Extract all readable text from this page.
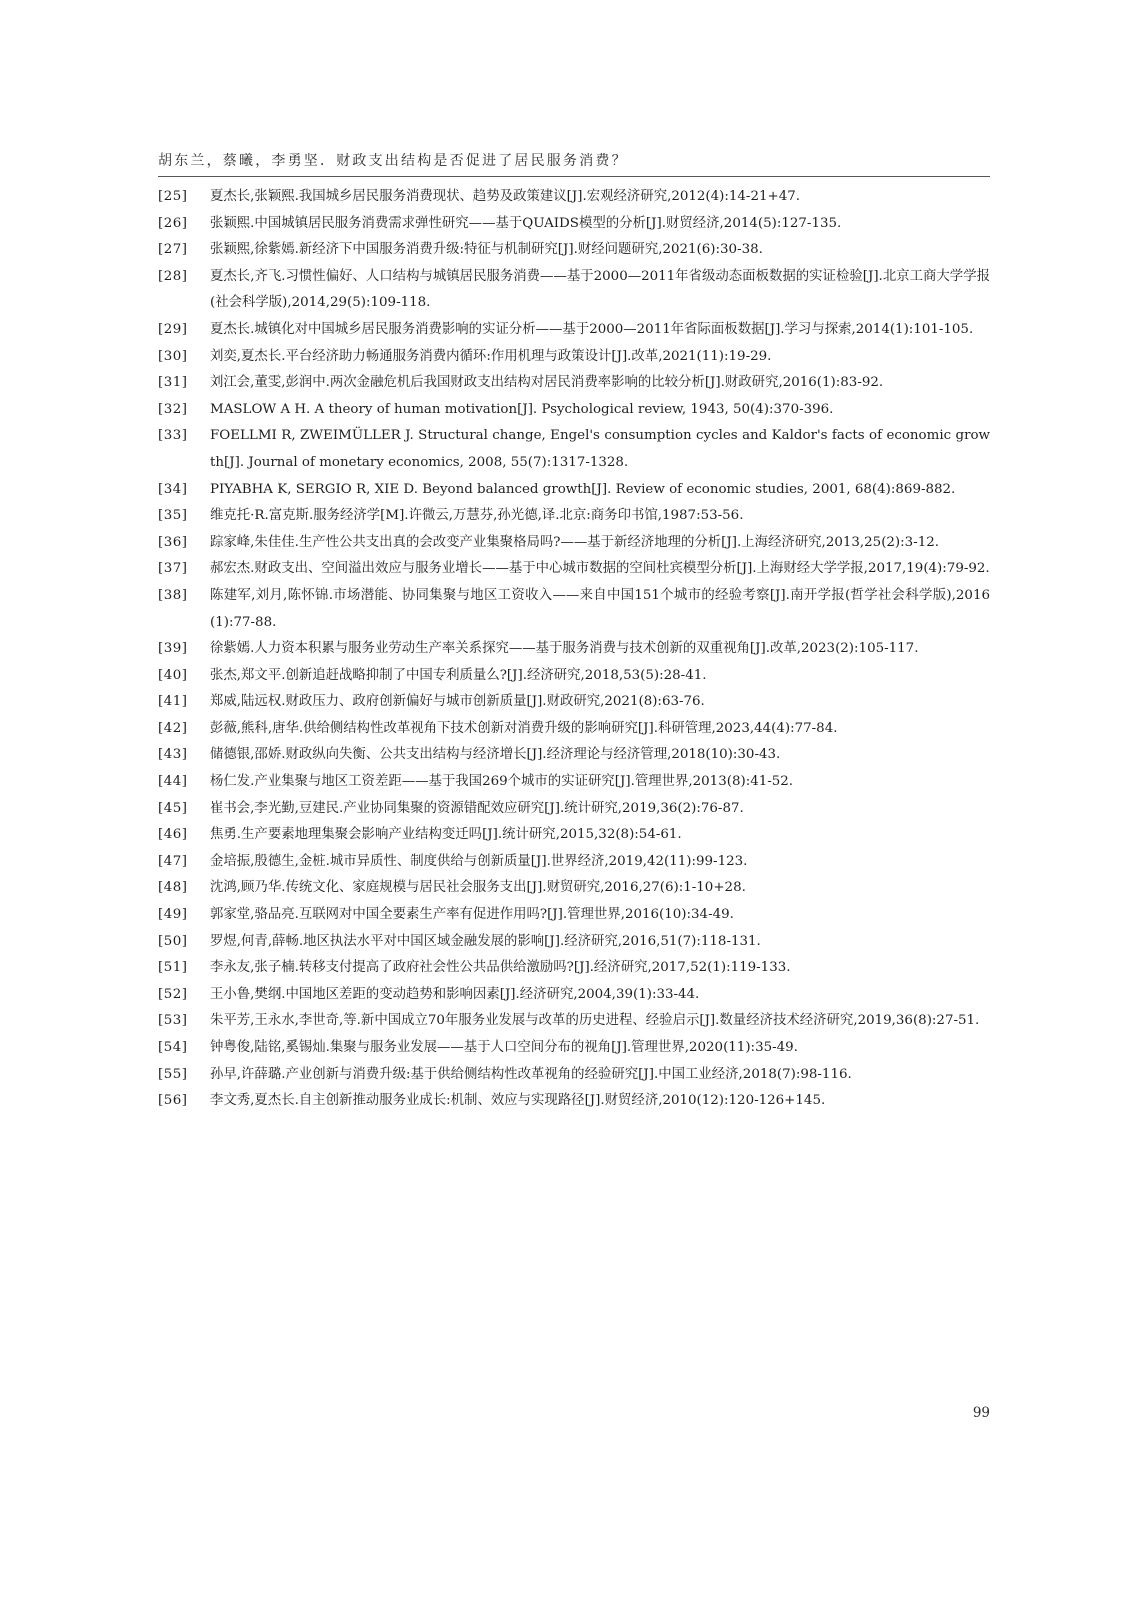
胡东兰，蔡曦，李勇坚．财政支出结构是否促进了居民服务消费？
[25]	夏杰长,张颖熙.我国城乡居民服务消费现状、趋势及政策建议[J].宏观经济研究,2012(4):14-21+47.
[26]	张颖熙.中国城镇居民服务消费需求弹性研究——基于QUAIDS模型的分析[J].财贸经济,2014(5):127-135.
[27]	张颖熙,徐紫嫣.新经济下中国服务消费升级:特征与机制研究[J].财经问题研究,2021(6):30-38.
[28]	夏杰长,齐飞.习惯性偏好、人口结构与城镇居民服务消费——基于2000—2011年省级动态面板数据的实证检验[J].北京工商大学学报(社会科学版),2014,29(5):109-118.
[29]	夏杰长.城镇化对中国城乡居民服务消费影响的实证分析——基于2000—2011年省际面板数据[J].学习与探索,2014(1):101-105.
[30]	刘奕,夏杰长.平台经济助力畅通服务消费内循环:作用机理与政策设计[J].改革,2021(11):19-29.
[31]	刘江会,董雯,彭润中.两次金融危机后我国财政支出结构对居民消费率影响的比较分析[J].财政研究,2016(1):83-92.
[32]	MASLOW A H. A theory of human motivation[J]. Psychological review, 1943, 50(4):370-396.
[33]	FOELLMI R, ZWEIMÜLLER J. Structural change, Engel's consumption cycles and Kaldor's facts of economic growth[J]. Journal of monetary economics, 2008, 55(7):1317-1328.
[34]	PIYABHA K, SERGIO R, XIE D. Beyond balanced growth[J]. Review of economic studies, 2001, 68(4):869-882.
[35]	维克托·R.富克斯.服务经济学[M].许微云,万慧芬,孙光德,译.北京:商务印书馆,1987:53-56.
[36]	踪家峰,朱佳佳.生产性公共支出真的会改变产业集聚格局吗?——基于新经济地理的分析[J].上海经济研究,2013,25(2):3-12.
[37]	郝宏杰.财政支出、空间溢出效应与服务业增长——基于中心城市数据的空间杜宾模型分析[J].上海财经大学学报,2017,19(4):79-92.
[38]	陈建军,刘月,陈怀锦.市场潜能、协同集聚与地区工资收入——来自中国151个城市的经验考察[J].南开学报(哲学社会科学版),2016(1):77-88.
[39]	徐紫嫣.人力资本积累与服务业劳动生产率关系探究——基于服务消费与技术创新的双重视角[J].改革,2023(2):105-117.
[40]	张杰,郑文平.创新追赶战略抑制了中国专利质量么?[J].经济研究,2018,53(5):28-41.
[41]	郑威,陆远权.财政压力、政府创新偏好与城市创新质量[J].财政研究,2021(8):63-76.
[42]	彭薇,熊科,唐华.供给侧结构性改革视角下技术创新对消费升级的影响研究[J].科研管理,2023,44(4):77-84.
[43]	储德银,邵娇.财政纵向失衡、公共支出结构与经济增长[J].经济理论与经济管理,2018(10):30-43.
[44]	杨仁发.产业集聚与地区工资差距——基于我国269个城市的实证研究[J].管理世界,2013(8):41-52.
[45]	崔书会,李光勤,豆建民.产业协同集聚的资源错配效应研究[J].统计研究,2019,36(2):76-87.
[46]	焦勇.生产要素地理集聚会影响产业结构变迁吗[J].统计研究,2015,32(8):54-61.
[47]	金培振,殷德生,金桩.城市异质性、制度供给与创新质量[J].世界经济,2019,42(11):99-123.
[48]	沈鸿,顾乃华.传统文化、家庭规模与居民社会服务支出[J].财贸研究,2016,27(6):1-10+28.
[49]	郭家堂,骆品亮.互联网对中国全要素生产率有促进作用吗?[J].管理世界,2016(10):34-49.
[50]	罗煜,何青,薛畅.地区执法水平对中国区域金融发展的影响[J].经济研究,2016,51(7):118-131.
[51]	李永友,张子楠.转移支付提高了政府社会性公共品供给激励吗?[J].经济研究,2017,52(1):119-133.
[52]	王小鲁,樊纲.中国地区差距的变动趋势和影响因素[J].经济研究,2004,39(1):33-44.
[53]	朱平芳,王永水,李世奇,等.新中国成立70年服务业发展与改革的历史进程、经验启示[J].数量经济技术经济研究,2019,36(8):27-51.
[54]	钟粤俊,陆铭,奚锡灿.集聚与服务业发展——基于人口空间分布的视角[J].管理世界,2020(11):35-49.
[55]	孙早,许薛璐.产业创新与消费升级:基于供给侧结构性改革视角的经验研究[J].中国工业经济,2018(7):98-116.
[56]	李文秀,夏杰长.自主创新推动服务业成长:机制、效应与实现路径[J].财贸经济,2010(12):120-126+145.
99
